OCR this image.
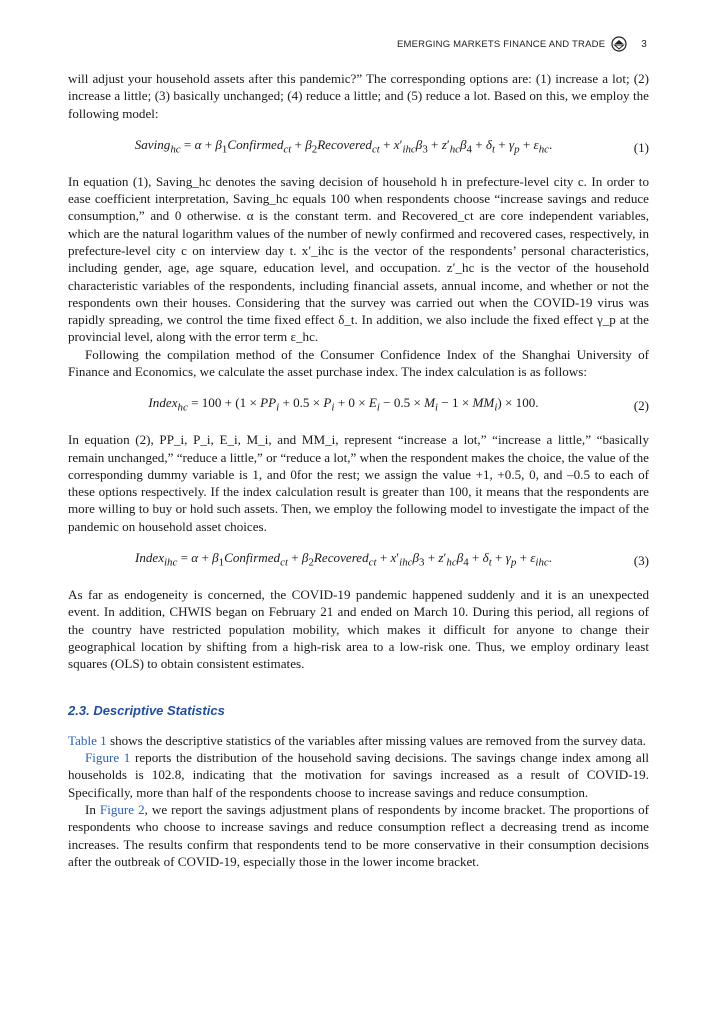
EMERGING MARKETS FINANCE AND TRADE	3

will adjust your household assets after this pandemic?” The corresponding options are: (1) increase a lot; (2) increase a little; (3) basically unchanged; (4) reduce a little; and (5) reduce a lot. Based on this, we employ the following model:

Saving$_{hc}$ = $\alpha + \beta_1Confirmed_{ct}$ + $\beta_2Recovered_{ct} + x'_{ihc}\beta_3 + z'_{hc}\beta_4 + \delta_t + \gamma_p + \varepsilon_{hc}$.	(1)

In equation (1), Saving_hc denotes the saving decision of household h in prefecture-level city c. In order to ease coefficient interpretation, Saving_hc equals 100 when respondents choose “increase savings and reduce consumption,” and 0 otherwise. α is the constant term. and Recovered_ct are core independent variables, which are the natural logarithm values of the number of newly confirmed and recovered cases, respectively, in prefecture-level city c on interview day t. x′_ihc is the vector of the respondents’ personal characteristics, including gender, age, age square, education level, and occupation. z′_hc is the vector of the household characteristic variables of the respondents, including financial assets, annual income, and whether or not the respondents own their houses. Considering that the survey was carried out when the COVID-19 virus was rapidly spreading, we control the time fixed effect δ_t. In addition, we also include the fixed effect γ_p at the provincial level, along with the error term ε_hc.

Following the compilation method of the Consumer Confidence Index of the Shanghai University of Finance and Economics, we calculate the asset purchase index. The index calculation is as follows:

Index$_{hc}$ = $100 + (1 \times PP_i + 0.5 \times P_i + 0 \times E_i - 0.5 \times M_i - 1 \times MM_i) \times 100$.	(2)

In equation (2), PP_i, P_i, E_i, M_i, and MM_i, represent “increase a lot,” “increase a little,” “basically remain unchanged,” “reduce a little,” or “reduce a lot,” when the respondent makes the choice, the value of the corresponding dummy variable is 1, and 0for the rest; we assign the value +1, +0.5, 0, and –0.5 to each of these options respectively. If the index calculation result is greater than 100, it means that the respondents are more willing to buy or hold such assets. Then, we employ the following model to investigate the impact of the pandemic on household asset choices.

Index$_{ihc}$ = $\alpha + \beta_1Confirmed_{ct}$ + $\beta_2Recovered_{ct} + x'_{ihc}\beta_3 + z'_{hc}\beta_4 + \delta_t + \gamma_p + \varepsilon_{ihc}$.	(3)

As far as endogeneity is concerned, the COVID-19 pandemic happened suddenly and it is an unexpected event. In addition, CHWIS began on February 21 and ended on March 10. During this period, all regions of the country have restricted population mobility, which makes it difficult for anyone to change their geographical location by shifting from a high-risk area to a low-risk one. Thus, we employ ordinary least squares (OLS) to obtain consistent estimates.

2.3. Descriptive Statistics

Table 1 shows the descriptive statistics of the variables after missing values are removed from the survey data.

Figure 1 reports the distribution of the household saving decisions. The savings change index among all households is 102.8, indicating that the motivation for savings increased as a result of COVID-19. Specifically, more than half of the respondents choose to increase savings and reduce consumption.

In Figure 2, we report the savings adjustment plans of respondents by income bracket. The proportions of respondents who choose to increase savings and reduce consumption reflect a decreasing trend as income increases. The results confirm that respondents tend to be more conservative in their consumption decisions after the outbreak of COVID-19, especially those in the lower income bracket.
